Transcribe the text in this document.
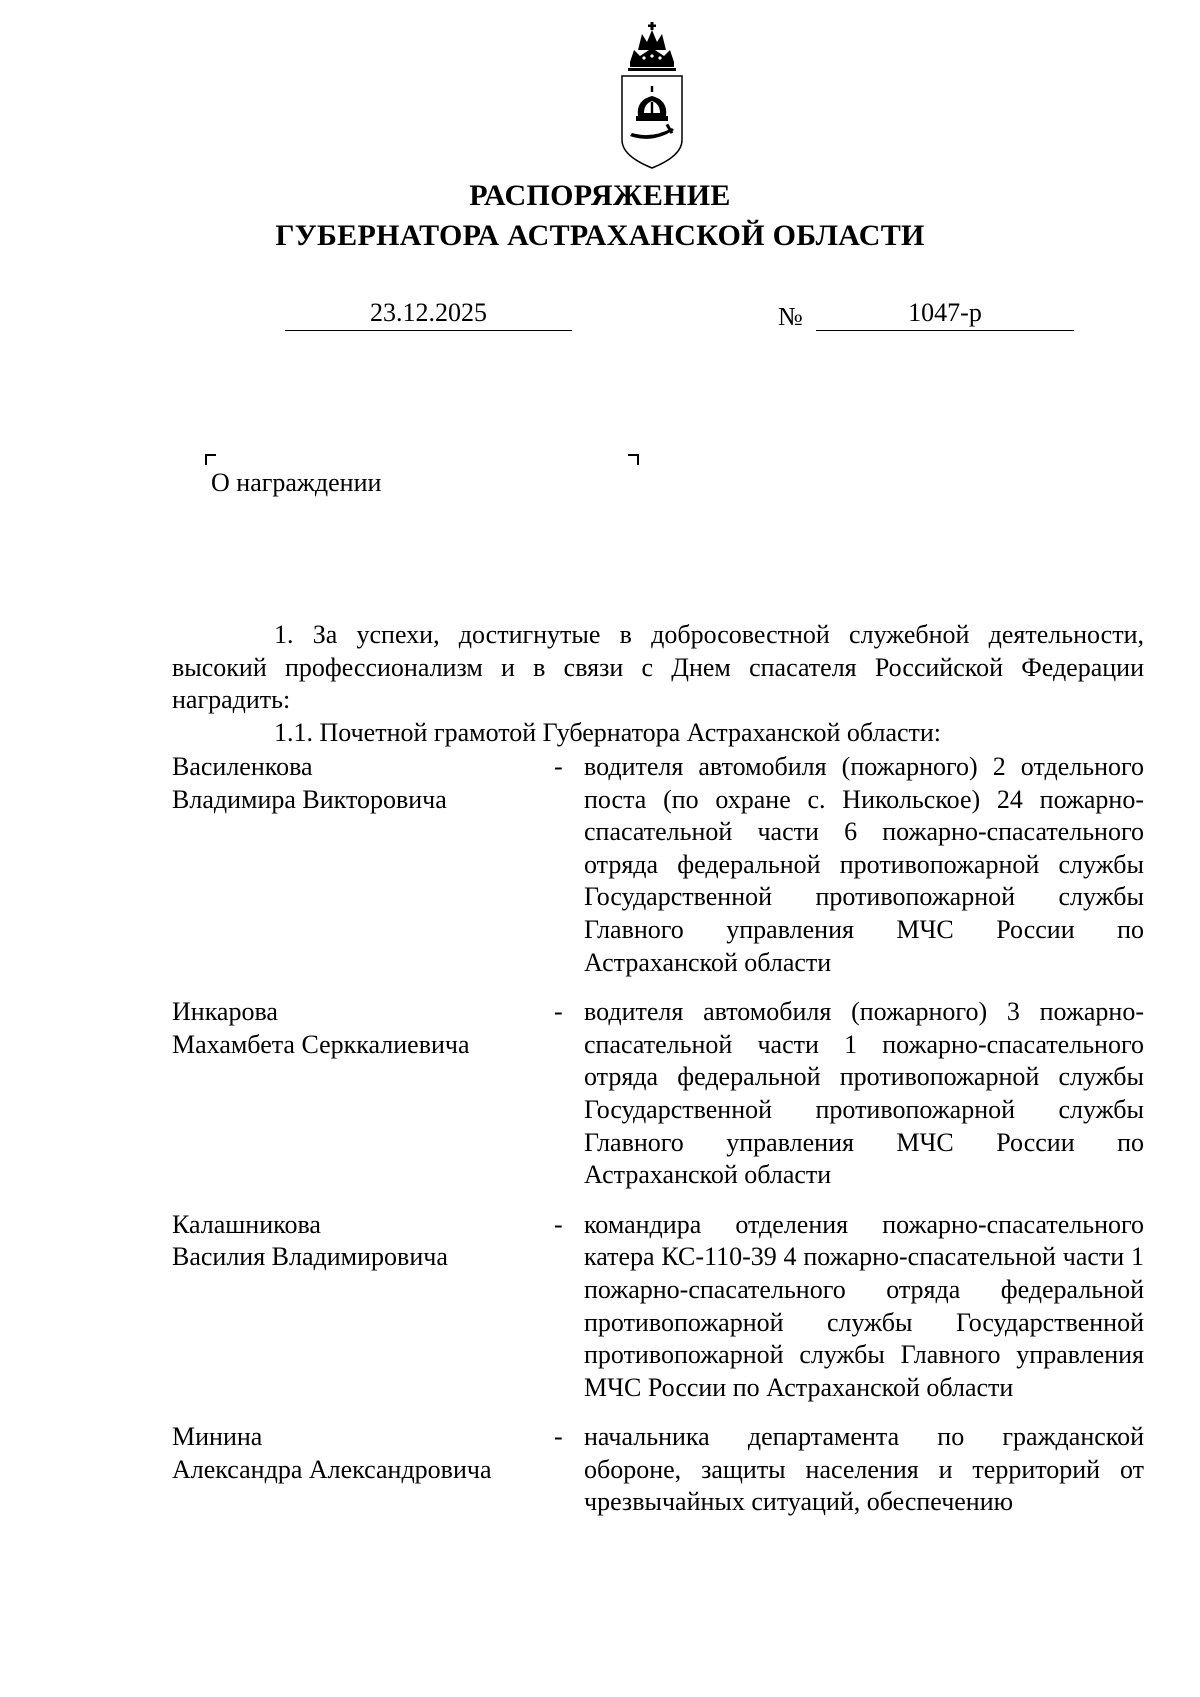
РАСПОРЯЖЕНИЕ
ГУБЕРНАТОРА АСТРАХАНСКОЙ ОБЛАСТИ
23.12.2025	№	1047-р
О награждении

1. За успехи, достигнутые в добросовестной служебной деятельности, высокий профессионализм и в связи с Днем спасателя Российской Федерации наградить:

1.1. Почетной грамотой Губернатора Астраханской области:

Василенкова
Владимира Викторовича
- водителя автомобиля (пожарного) 2 отдельного поста (по охране с. Никольское) 24 пожарно-спасательной части 6 пожарно-спасательного отряда федеральной противопожарной службы Государственной противопожарной службы Главного управления МЧС России по Астраханской области
Инкарова
Махамбета Серккалиевича
- водителя автомобиля (пожарного) 3 пожарно-спасательной части 1 пожарно-спасательного отряда федеральной противопожарной службы Государственной противопожарной службы Главного управления МЧС России по Астраханской области
Калашникова
Василия Владимировича
- командира отделения пожарно-спасательного катера КС-110-39 4 пожарно-спасательной части 1 пожарно-спасательного отряда федеральной противопожарной службы Государственной противопожарной службы Главного управления МЧС России по Астраханской области
Минина
Александра Александровича
- начальника департамента по гражданской обороне, защиты населения и территорий от чрезвычайных ситуаций, обеспечению
